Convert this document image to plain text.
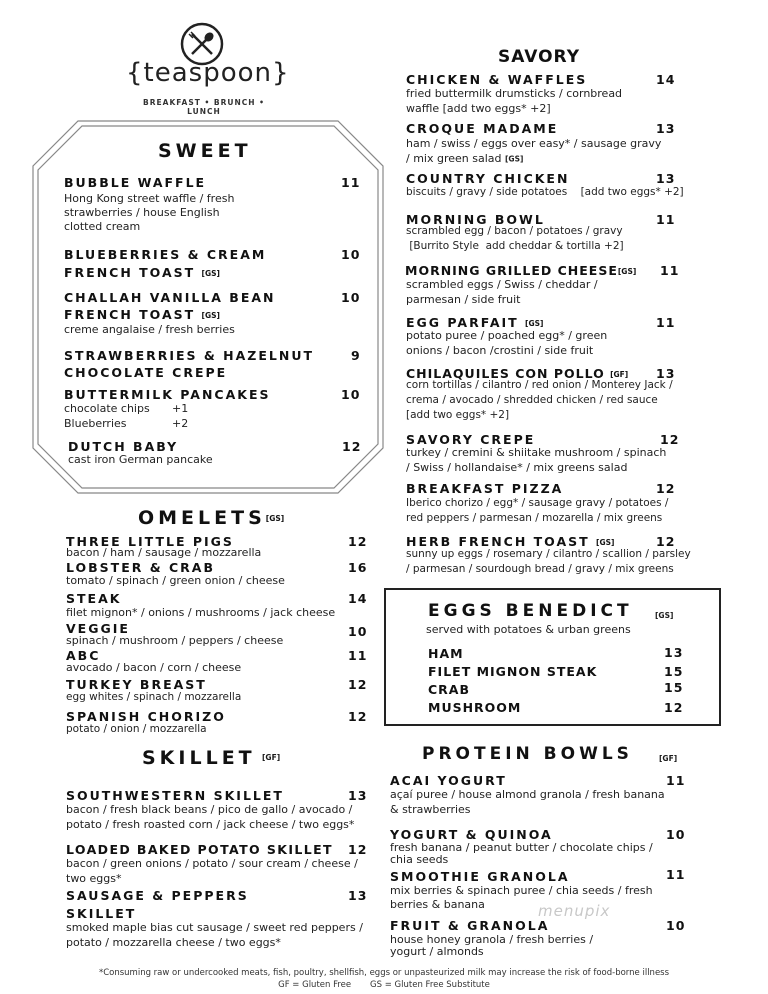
{teaspoon}
BREAKFAST • BRUNCH • LUNCH
SWEET
BUBBLE WAFFLE	11
Hong Kong street waffle / fresh
strawberries / house English
clotted cream
BLUEBERRIES & CREAM	10
FRENCH TOAST [GS]
CHALLAH VANILLA BEAN	10
FRENCH TOAST [GS]
creme angalaise / fresh berries
STRAWBERRIES & HAZELNUT	9
CHOCOLATE CREPE
BUTTERMILK PANCAKES	10
chocolate chips +1
Blueberries	+2
DUTCH BABY	12
cast iron German pancake
OMELETS[GS]
THREE LITTLE PIGS	12
bacon / ham / sausage / mozzarella
LOBSTER & CRAB	16
tomato / spinach / green onion / cheese
STEAK	14
filet mignon* / onions / mushrooms / jack cheese
VEGGIE	10
spinach / mushroom / peppers / cheese
ABC	11
avocado / bacon / corn / cheese
TURKEY BREAST	12
egg whites / spinach / mozzarella
SPANISH CHORIZO	12
potato / onion / mozzarella
SKILLET [GF]
SOUTHWESTERN SKILLET	13
bacon / fresh black beans / pico de gallo / avocado /
potato / fresh roasted corn / jack cheese / two eggs*
LOADED BAKED POTATO SKILLET 12
bacon / green onions / potato / sour cream / cheese /
two eggs*
SAUSAGE & PEPPERS	13
SKILLET
smoked maple bias cut sausage / sweet red peppers /
potato / mozzarella cheese / two eggs*
SAVORY
CHICKEN & WAFFLES	14
fried buttermilk drumsticks / cornbread
waffle [add two eggs* +2]
CROQUE MADAME	13
ham / swiss / eggs over easy* / sausage gravy
/ mix green salad [GS]
COUNTRY CHICKEN	13
biscuits / gravy / side potatoes    [add two eggs* +2]
MORNING BOWL	11
scrambled egg / bacon / potatoes / gravy
[Burrito Style  add cheddar & tortilla +2]
MORNING GRILLED CHEESE[GS] 11
scrambled eggs / Swiss / cheddar /
parmesan / side fruit
EGG PARFAIT [GS]	11
potato puree / poached egg* / green
onions / bacon /crostini / side fruit
CHILAQUILES CON POLLO [GF] 13
corn tortillas / cilantro / red onion / Monterey Jack /
crema / avocado / shredded chicken / red sauce
[add two eggs* +2]
SAVORY CREPE	12
turkey / cremini & shiitake mushroom / spinach
/ Swiss / hollandaise* / mix greens salad
BREAKFAST PIZZA	12
Iberico chorizo / egg* / sausage gravy / potatoes /
red peppers / parmesan / mozarella / mix greens
HERB FRENCH TOAST [GS]	12
sunny up eggs / rosemary / cilantro / scallion / parsley
/ parmesan / sourdough bread / gravy / mix greens
EGGS BENEDICT	[GS]
served with potatoes & urban greens
HAM	13
FILET MIGNON STEAK	15
CRAB	15
MUSHROOM	12
PROTEIN BOWLS	[GF]
ACAI YOGURT	11
açaí puree / house almond granola / fresh banana
& strawberries
YOGURT & QUINOA	10
fresh banana / peanut butter / chocolate chips /
chia seeds
SMOOTHIE GRANOLA	11
mix berries & spinach puree / chia seeds / fresh
berries & banana
FRUIT & GRANOLA	10
house honey granola / fresh berries /
yogurt / almonds
menupix
*Consuming raw or undercooked meats, fish, poultry, shellfish, eggs or unpasteurized milk may increase the risk of food-borne illness
GF = Gluten Free       GS = Gluten Free Substitute
